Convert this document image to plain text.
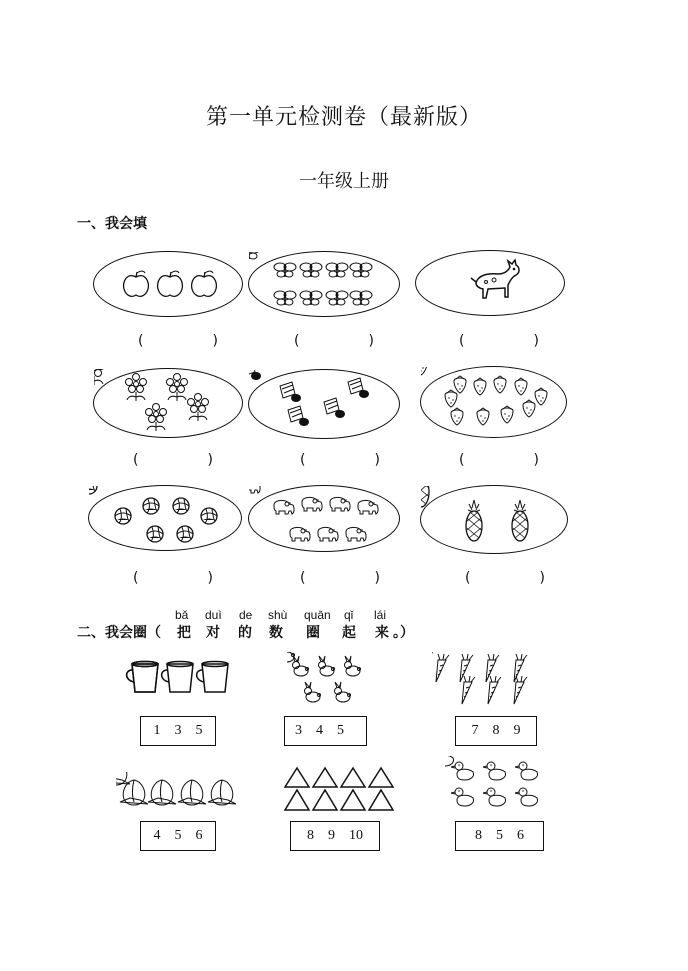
第一单元检测卷（最新版）
一年级上册
一、我会填
(	)	(	)	(	)
(	)	(	)	(	)
(	)	(	)	(	)
二、我会圈（
bǎ
把
duì
对
de
的
shù
数
quān
圈
qǐ
起
lái
来 。）
1 3 5	3 4 5	7 8 9
4 5 6	8 9 10	8 5 6
